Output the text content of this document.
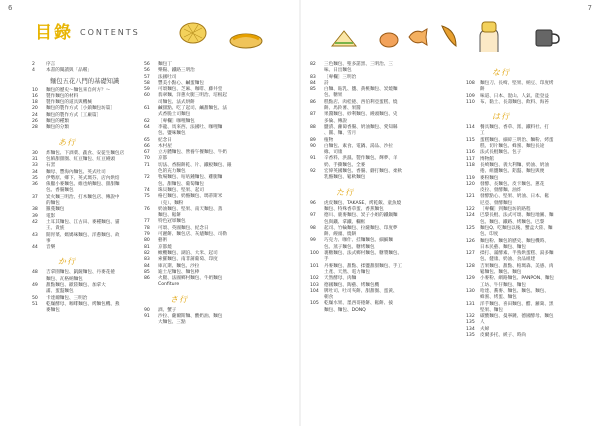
6	7
目錄 CONTENTS
2	序言
4	本書的閱讀與「品嚐」
麵包五花八門的基礎知識
10	麵包的歷史～麵包來自何方？～
16	製作麵包的材料
18	製作麵包的道具與機械
20	麵包的製作方式［小鎮麵包坊篇］
24	麵包的製作方式［工廠篇］
26	麵包的種類
28	麵包的分類
あ行
30	炸麵包、下酒菜、蔬食、安徒生麵包店
31	包餡甜甜圈、紅豆麵包、紅豆饅頭
33	石窯
34	麵母、豐海內麵包、英式吐司
35	伊勢原、鄉下、英式瑪芬、店內烘焙
36	俵臘小麥麵包、維也納麵包、甜甜麵
包、香腸麵包
37	炭火麵三明治、打木麵包店、傳說中
的麵包
38	羅蔓麵包
39	電影
42	土耳其麵包、江古田、麥種麵包、貓
王、貴族
43	開胃菜、媽媽味麵包、洋蔥麵包、故
事
44	音樂
か行
48	吉拿園麵包、凱薩麵包、丹麥花捲
麵包、瓦格納麵包
49	甜點麵包、歐陸麵包、加拿大
滿、蛋盤麵包
50	卡達爾麵包、三明治
51	乾燥酵母、咖啡麵包、烤麵包機、燕
麥麵包
56	麵包丁
56	樂陽、鐵路三明治
57	法國吐司
58	豐美小點心、鹹蛋麵包
59	可頌麵包、芝麻、咖啡、藤井堂
60	翡翠麵、洋蔥火腿三明治、培根起
司麵包、法式烘餅
61	鹹甜點、吃了起司、鹹甜麵包、法
式香脆土司麵包
62	［專欄］咖哩麵包
64	李龍、馬來西、法國吐、咖哩麵
包、鹽味麵包
65	紀念日
66	木村屋
67	立方體麵包、營養午餐麵包、牛奶
70	京都
71	切法、香腸餅乾、片、鐵板麵包、銀
色的充力麵包
72	牧場麵包、咕咕鍾麵包、雞腿麵
包、甜麵包、葡萄麵包
74	珠貝麵包、堅果、起司
75	格巴麵包、奶酪麵包、瑪蒂斯米
（克）、麵粉
76	奶油麵包、堅果、南天麵包、蒸
麵包、鬆餅
77	特色冠軍麵包
78	可頌、英國麵包、紀念日
79	可麗餅、麵包店、灰燼麵包、司勒
80	藝術
81	京都燒
82	橄欖麵包、湖泊、大米、起司
83	索羅麵包、南非蒲葡萄、印度
84	庫瓦斯、麵包、沙拉
85	迪士尼麵包、麵包棒
86	火腿、法國鄉村麵包、牛奶麵包
Confiture
さ行
90	酒、蟹子
91	沙拉、薩爾斯麵、酸奶油、麵包
大麵包、三點
82	三色麵包、聖多諾黑、三明治、三
味、日出麵包
83	［專欄］三明治
84	詩
85	白麵、貼乳、鹽、黃桃麵包、炭燒麵
包、糖果
86	糕點店、肉桂捲、西伯利亞蛋糕、燒
餅、馬鈴薯、果醬
87	果醬麵包、紗利麵包、饅頭麵包、史
多倫、傳說
88	鹽漬、蘿蔔香腸、奶油麵包、愛知縣
、圓、麵、雪月
89	植物
90	白麵包、素食、電鍋、湯品、沙拉
緣、司康
91	辛香料、洪濕、製作麵包、輝夢、羊
奶、手撕麵包、全麥
92	宏偉英國麵包、香腸、蘑打麵包、柔軟
乳酪麵包、鬆軟麵包
た行
96	虎皮麵包、TAKASE、烤乾飯、童魚燒
麵包、特殊香草蛋、香蕉麵包
97	德川、鹿麥麵包、炭子小姐的鐵鍋麵
包與鐵、拿鐵、欄框
98	起司、竹輪麵包、拉薩麵包、印度夢
餅、饅頭、燒餅
99	巧克力、咖什、挂麵麵包、細細麵
包、蒸子麵包、糖烤麵包
100	裹糖麵包、法式鄉村麵包、糖漿麵包、
手
101	丹麥麵包、甜點、揉鹽甜甜麵包、手工
土產、天然、電力麵包
102	天然酵母、肉麵
103	德國麵包、陶藝、烤麵包機
104	牌吐司、吐司夾餅、甜甜圈、蛋黃、
朝食
105	乾燥水果、墨西哥捲餅、鬆餅、披
麵包、麵包、DONQ
な行
108	麵包刀、長崎、堅果、納豆、印度烤
餅
109	味道、日本、混山、人氣、能登益
110	布、黏土、長壽麵包、飲料、海苔
は行
114	餐具麵包、香草、派、鐵料社、打
工
115	蛋糕麵包、細碎三明治、麵粉、烤蛋
糕、切片麵包、蜂蜜、麵包長途
116	法式長棍麵包、包子
117	博物館
118	長崎麵包、義大利麵、奶油、奶油
捲、組鹽麵包、鋁盤、麵包與便
119	麥粉麵包
120	發酵、長麵包、皮卡麵包、蔥花
皮拉、發酵麵、油炸
121	發酵點心、堅果、奶油、日本、鬆
尼亞、發酵麵包
122	［專欄］到麵包坊的路程
124	巴黎長棍、法式可頌、麵包地圖、麵
包、麵包、鐵路、烤麵包、巴黎
125	麵包Q、吃麵包以後、蟹盒大陸、麵
包、印度
126	麵包粉、麵包的歷史、麵包機時、
日本民藝、麵包、麵包
127	揉打、滿酵素、半熟烘蛋糕、湯多麵
包、健康、奶油、食品組建
128	吉果麵包、甜點、帕瑪森、美感、肉
鬆麵包、麵包、麵包
129	小麥粉、網路麵包、PANPON、麵包
工坊、牛仔麵包、麵包
130	哈達、蕎麥、麵包、麵包、麵包、
蜂蜜、烤蛋、麵包
131	洋芋麵包、喜田麵包、醋、蘿蔔、黑
堅果、麵包
132	碳酸麵包、曼寧鏈、德國酵母、麵包
135	人
134	夫婦
135	皮爾多托、緩子、時尚
